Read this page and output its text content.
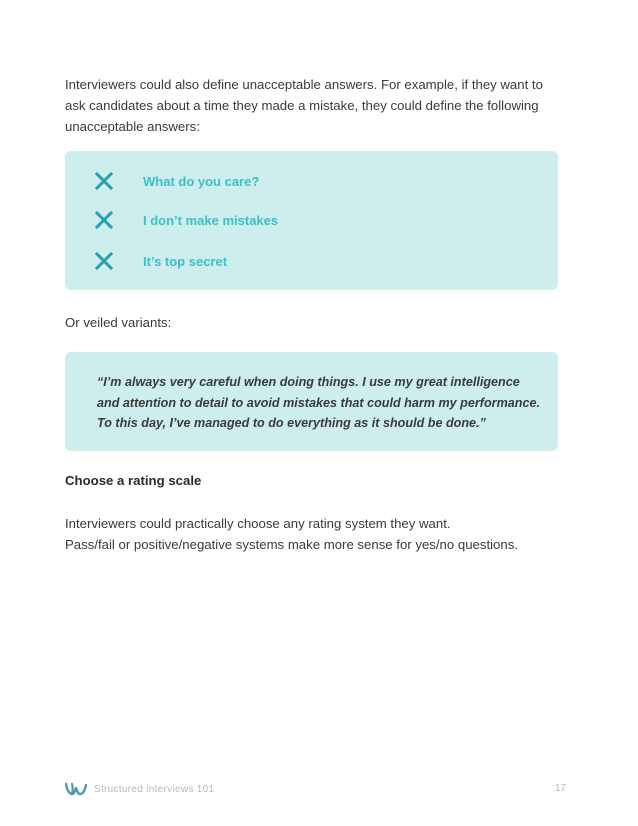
Interviewers could also define unacceptable answers. For example, if they want to

ask candidates about a time they made a mistake, they could define the following

unacceptable answers:

What do you care?
I don’t make mistakes
It’s top secret

Or veiled variants:

“I’m always very careful when doing things. I use my great intelligence
and attention to detail to avoid mistakes that could harm my performance.
To this day, I’ve managed to do everything as it should be done.”
Choose a rating scale

Interviewers could practically choose any rating system they want.

Pass/fail or positive/negative systems make more sense for yes/no questions.

Structured interviews 101	17
